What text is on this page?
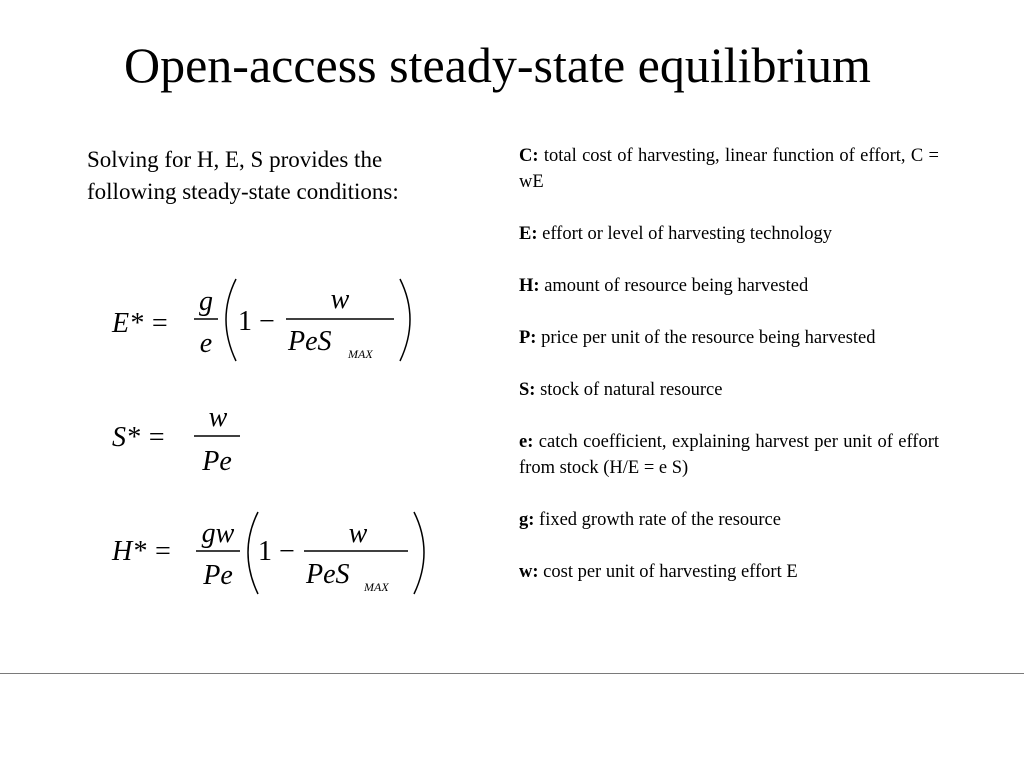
Open-access steady-state equilibrium
Solving for H, E, S provides the
following steady-state conditions:
E* =
g
e
1 −
w
PeS MAX
S* =
w
Pe
H* =
gw
Pe
1 −
w
PeS MAX
C: total cost of harvesting, linear function of effort, C = wE
E: effort or level of harvesting technology
H: amount of resource being harvested
P: price per unit of the resource being harvested
S: stock of natural resource
e: catch coefficient, explaining harvest per unit of effort from stock (H/E = e S)
g: fixed growth rate of the resource
w: cost per unit of harvesting effort E
